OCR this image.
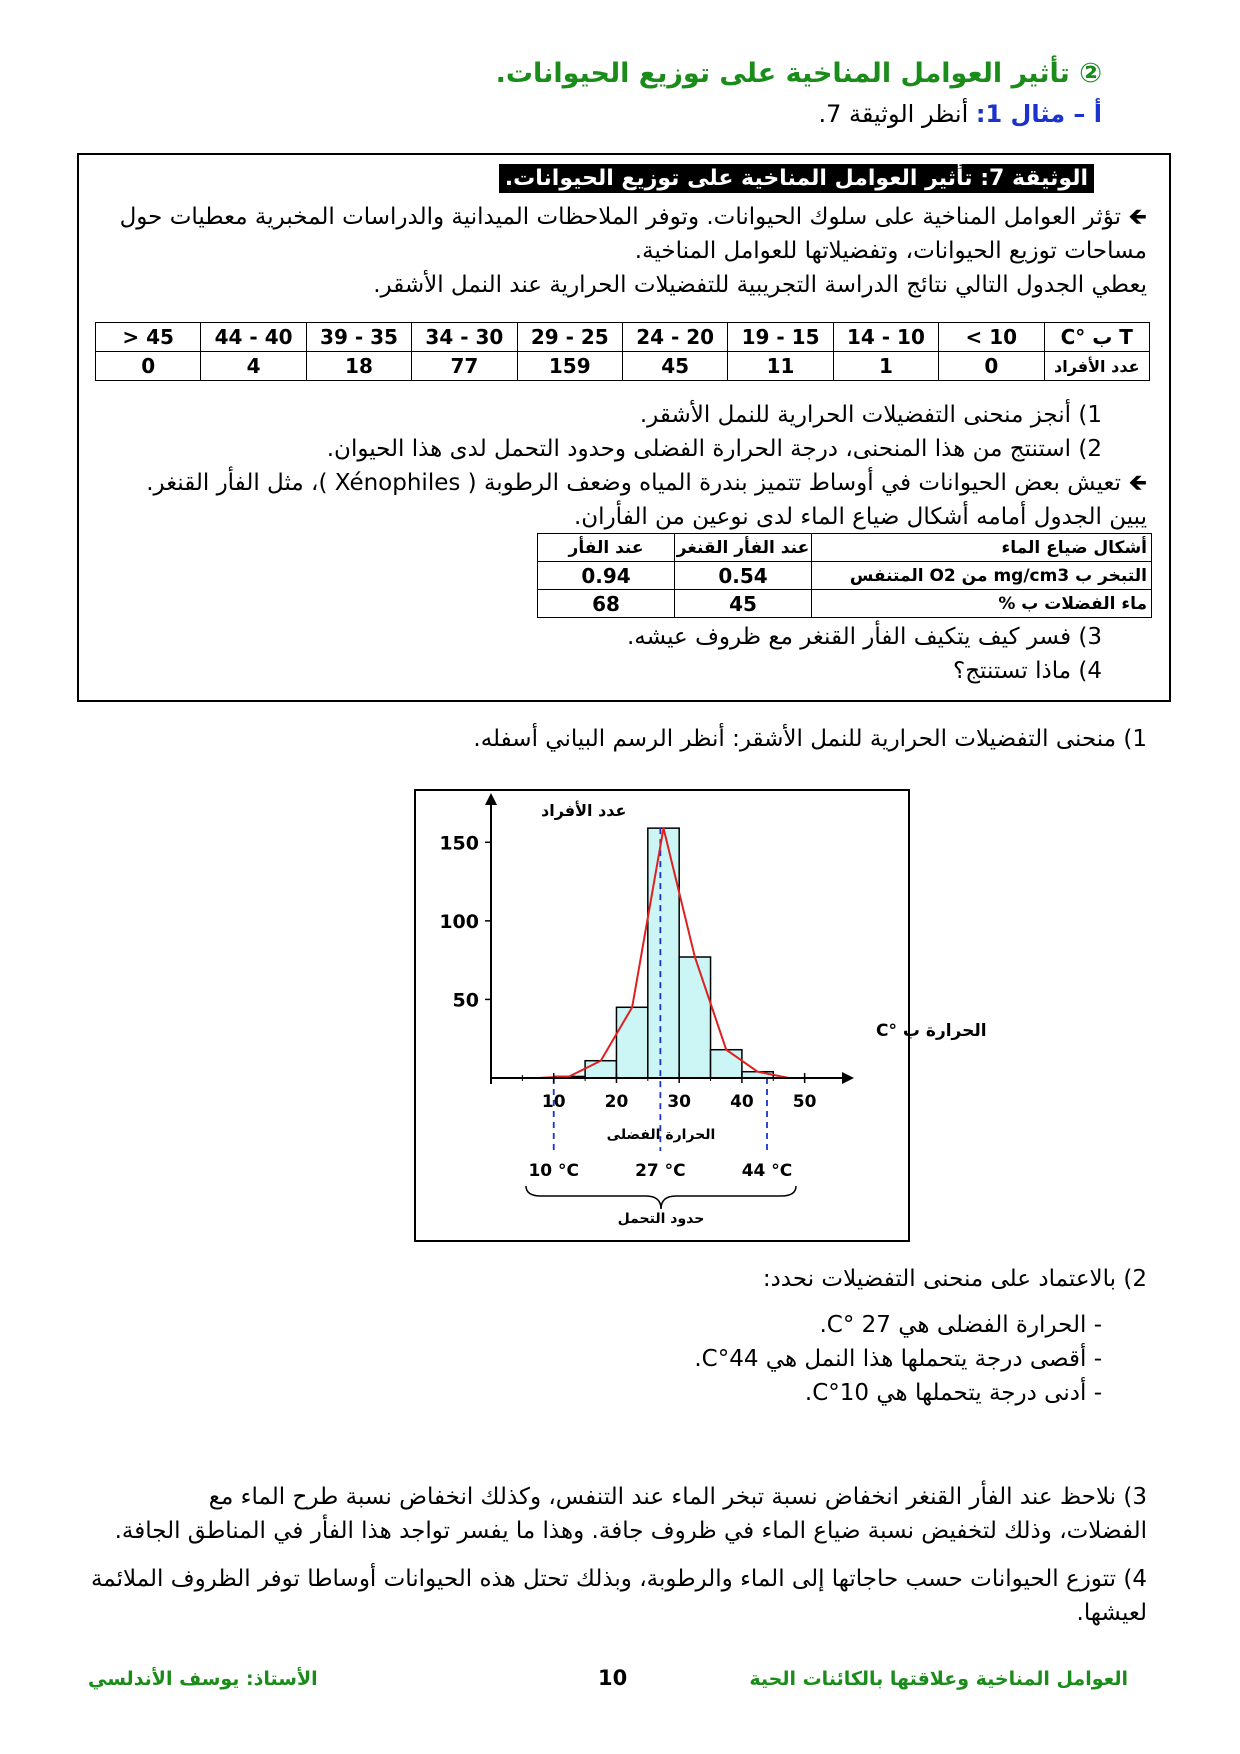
② تأثير العوامل المناخية على توزيع الحيوانات.
أ – مثال 1: أنظر الوثيقة 7.
الوثيقة 7: تأثير العوامل المناخية على توزيع الحيوانات.
🡸 تؤثر العوامل المناخية على سلوك الحيوانات. وتوفر الملاحظات الميدانية والدراسات المخبرية معطيات حول
مساحات توزيع الحيوانات، وتفضيلاتها للعوامل المناخية.
يعطي الجدول التالي نتائج الدراسة التجريبية للتفضيلات الحرارية عند النمل الأشقر.
> 45	44 - 40	39 - 35	34 - 30	29 - 25	24 - 20	19 - 15	14 - 10	< 10	T ب °C
0	4	18	77	159	45	11	1	0	عدد الأفراد
1) أنجز منحنى التفضيلات الحرارية للنمل الأشقر.
2) استنتج من هذا المنحنى، درجة الحرارة الفضلى وحدود التحمل لدى هذا الحيوان.
🡸 تعيش بعض الحيوانات في أوساط تتميز بندرة المياه وضعف الرطوبة ( Xénophiles )، مثل الفأر القنغر.
يبين الجدول أمامه أشكال ضياع الماء لدى نوعين من الفأران.
أشكال ضياع الماء	عند الفأر القنغر	عند الفأر
التبخر ب mg/cm3 من O2 المتنفس	0.54	0.94
ماء الفضلات ب %	45	68
3) فسر كيف يتكيف الفأر القنغر مع ظروف عيشه.
4) ماذا تستنتج؟
1) منحنى التفضيلات الحرارية للنمل الأشقر: أنظر الرسم البياني أسفله.
10 20 30 40 50
50
100
150
عدد الأفراد
الحرارة ب °C
الحرارة الفضلى
10 °C	27 °C	44 °C
حدود التحمل
2) بالاعتماد على منحنى التفضيلات نحدد:
- الحرارة الفضلى هي 27 °C.
- أقصى درجة يتحملها هذا النمل هي 44°C.
- أدنى درجة يتحملها هي 10°C.
3) نلاحظ عند الفأر القنغر انخفاض نسبة تبخر الماء عند التنفس، وكذلك انخفاض نسبة طرح الماء مع
الفضلات، وذلك لتخفيض نسبة ضياع الماء في ظروف جافة. وهذا ما يفسر تواجد هذا الفأر في المناطق الجافة.
4) تتوزع الحيوانات حسب حاجاتها إلى الماء والرطوبة، وبذلك تحتل هذه الحيوانات أوساطا توفر الظروف الملائمة
لعيشها.
الأستاذ: يوسف الأندلسي	10	العوامل المناخية وعلاقتها بالكائنات الحية
